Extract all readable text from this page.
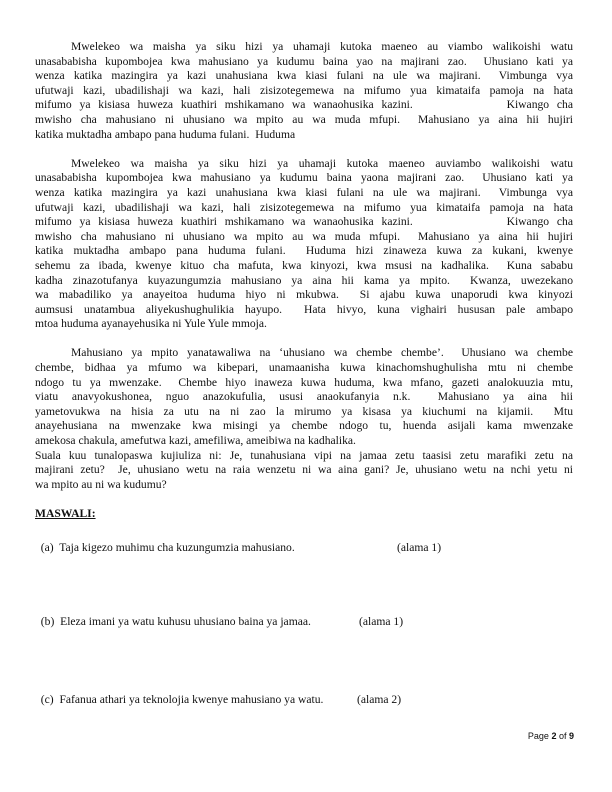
Mwelekeo wa maisha ya siku hizi ya uhamaji kutoka maeneo au viambo walikoishi watu
unasababisha kupombojea kwa mahusiano ya kudumu baina yao na majirani zao.  Uhusiano kati ya
wenza katika mazingira ya kazi unahusiana kwa kiasi fulani na ule wa majirani.  Vimbunga vya
ufutwaji kazi, ubadilishaji wa kazi, hali zisizotegemewa na mifumo yua kimataifa pamoja na hata
mifumo ya kisiasa huweza kuathiri mshikamano wa wanaohusika kazini.            Kiwango cha
mwisho cha mahusiano ni uhusiano wa mpito au wa muda mfupi.  Mahusiano ya aina hii hujiri
katika muktadha ambapo pana huduma fulani.  Huduma
Mwelekeo wa maisha ya siku hizi ya uhamaji kutoka maeneo auviambo walikoishi watu
unasababisha kupombojea kwa mahusiano ya kudumu baina yaona majirani zao.  Uhusiano kati ya
wenza katika mazingira ya kazi unahusiana kwa kiasi fulani na ule wa majirani.  Vimbunga vya
ufutwaji kazi, ubadilishaji wa kazi, hali zisizotegemewa na mifumo yua kimataifa pamoja na hata
mifumo ya kisiasa huweza kuathiri mshikamano wa wanaohusika kazini.            Kiwango cha
mwisho cha mahusiano ni uhusiano wa mpito au wa muda mfupi.  Mahusiano ya aina hii hujiri
katika muktadha ambapo pana huduma fulani.  Huduma hizi zinaweza kuwa za kukani, kwenye
sehemu za ibada, kwenye kituo cha mafuta, kwa kinyozi, kwa msusi na kadhalika.  Kuna sababu
kadha zinazotufanya kuyazungumzia mahusiano ya aina hii kama ya mpito.  Kwanza, uwezekano
wa mabadiliko ya anayeitoa huduma hiyo ni mkubwa.  Si ajabu kuwa unaporudi kwa kinyozi
aumsusi unatambua aliyekushughulikia hayupo.  Hata hivyo, kuna vighairi hususan pale ambapo
mtoa huduma ayanayehusika ni Yule Yule mmoja.
Mahusiano ya mpito yanatawaliwa na ‘uhusiano wa chembe chembe’.  Uhusiano wa chembe
chembe, bidhaa ya mfumo wa kibepari, unamaanisha kuwa kinachomshughulisha mtu ni chembe
ndogo tu ya mwenzake.  Chembe hiyo inaweza kuwa huduma, kwa mfano, gazeti analokuuzia mtu,
viatu anavyokushonea, nguo anazokufulia, ususi anaokufanyia n.k.  Mahusiano ya aina hii
yametovukwa na hisia za utu na ni zao la mirumo ya kisasa ya kiuchumi na kijamii.  Mtu
anayehusiana na mwenzake kwa misingi ya chembe ndogo tu, huenda asijali kama mwenzake
amekosa chakula, amefutwa kazi, amefiliwa, ameibiwa na kadhalika.
Suala kuu tunalopaswa kujiuliza ni: Je, tunahusiana vipi na jamaa zetu taasisi zetu marafiki zetu na
majirani zetu?  Je, uhusiano wetu na raia wenzetu ni wa aina gani? Je, uhusiano wetu na nchi yetu ni
wa mpito au ni wa kudumu?
MASWALI:

(a)  Taja kigezo muhimu cha kuzungumzia mahusiano.	(alama 1)

(b)  Eleza imani ya watu kuhusu uhusiano baina ya jamaa.	(alama 1)

(c)  Fafanua athari ya teknolojia kwenye mahusiano ya watu.	(alama 2)

Page 2 of 9
